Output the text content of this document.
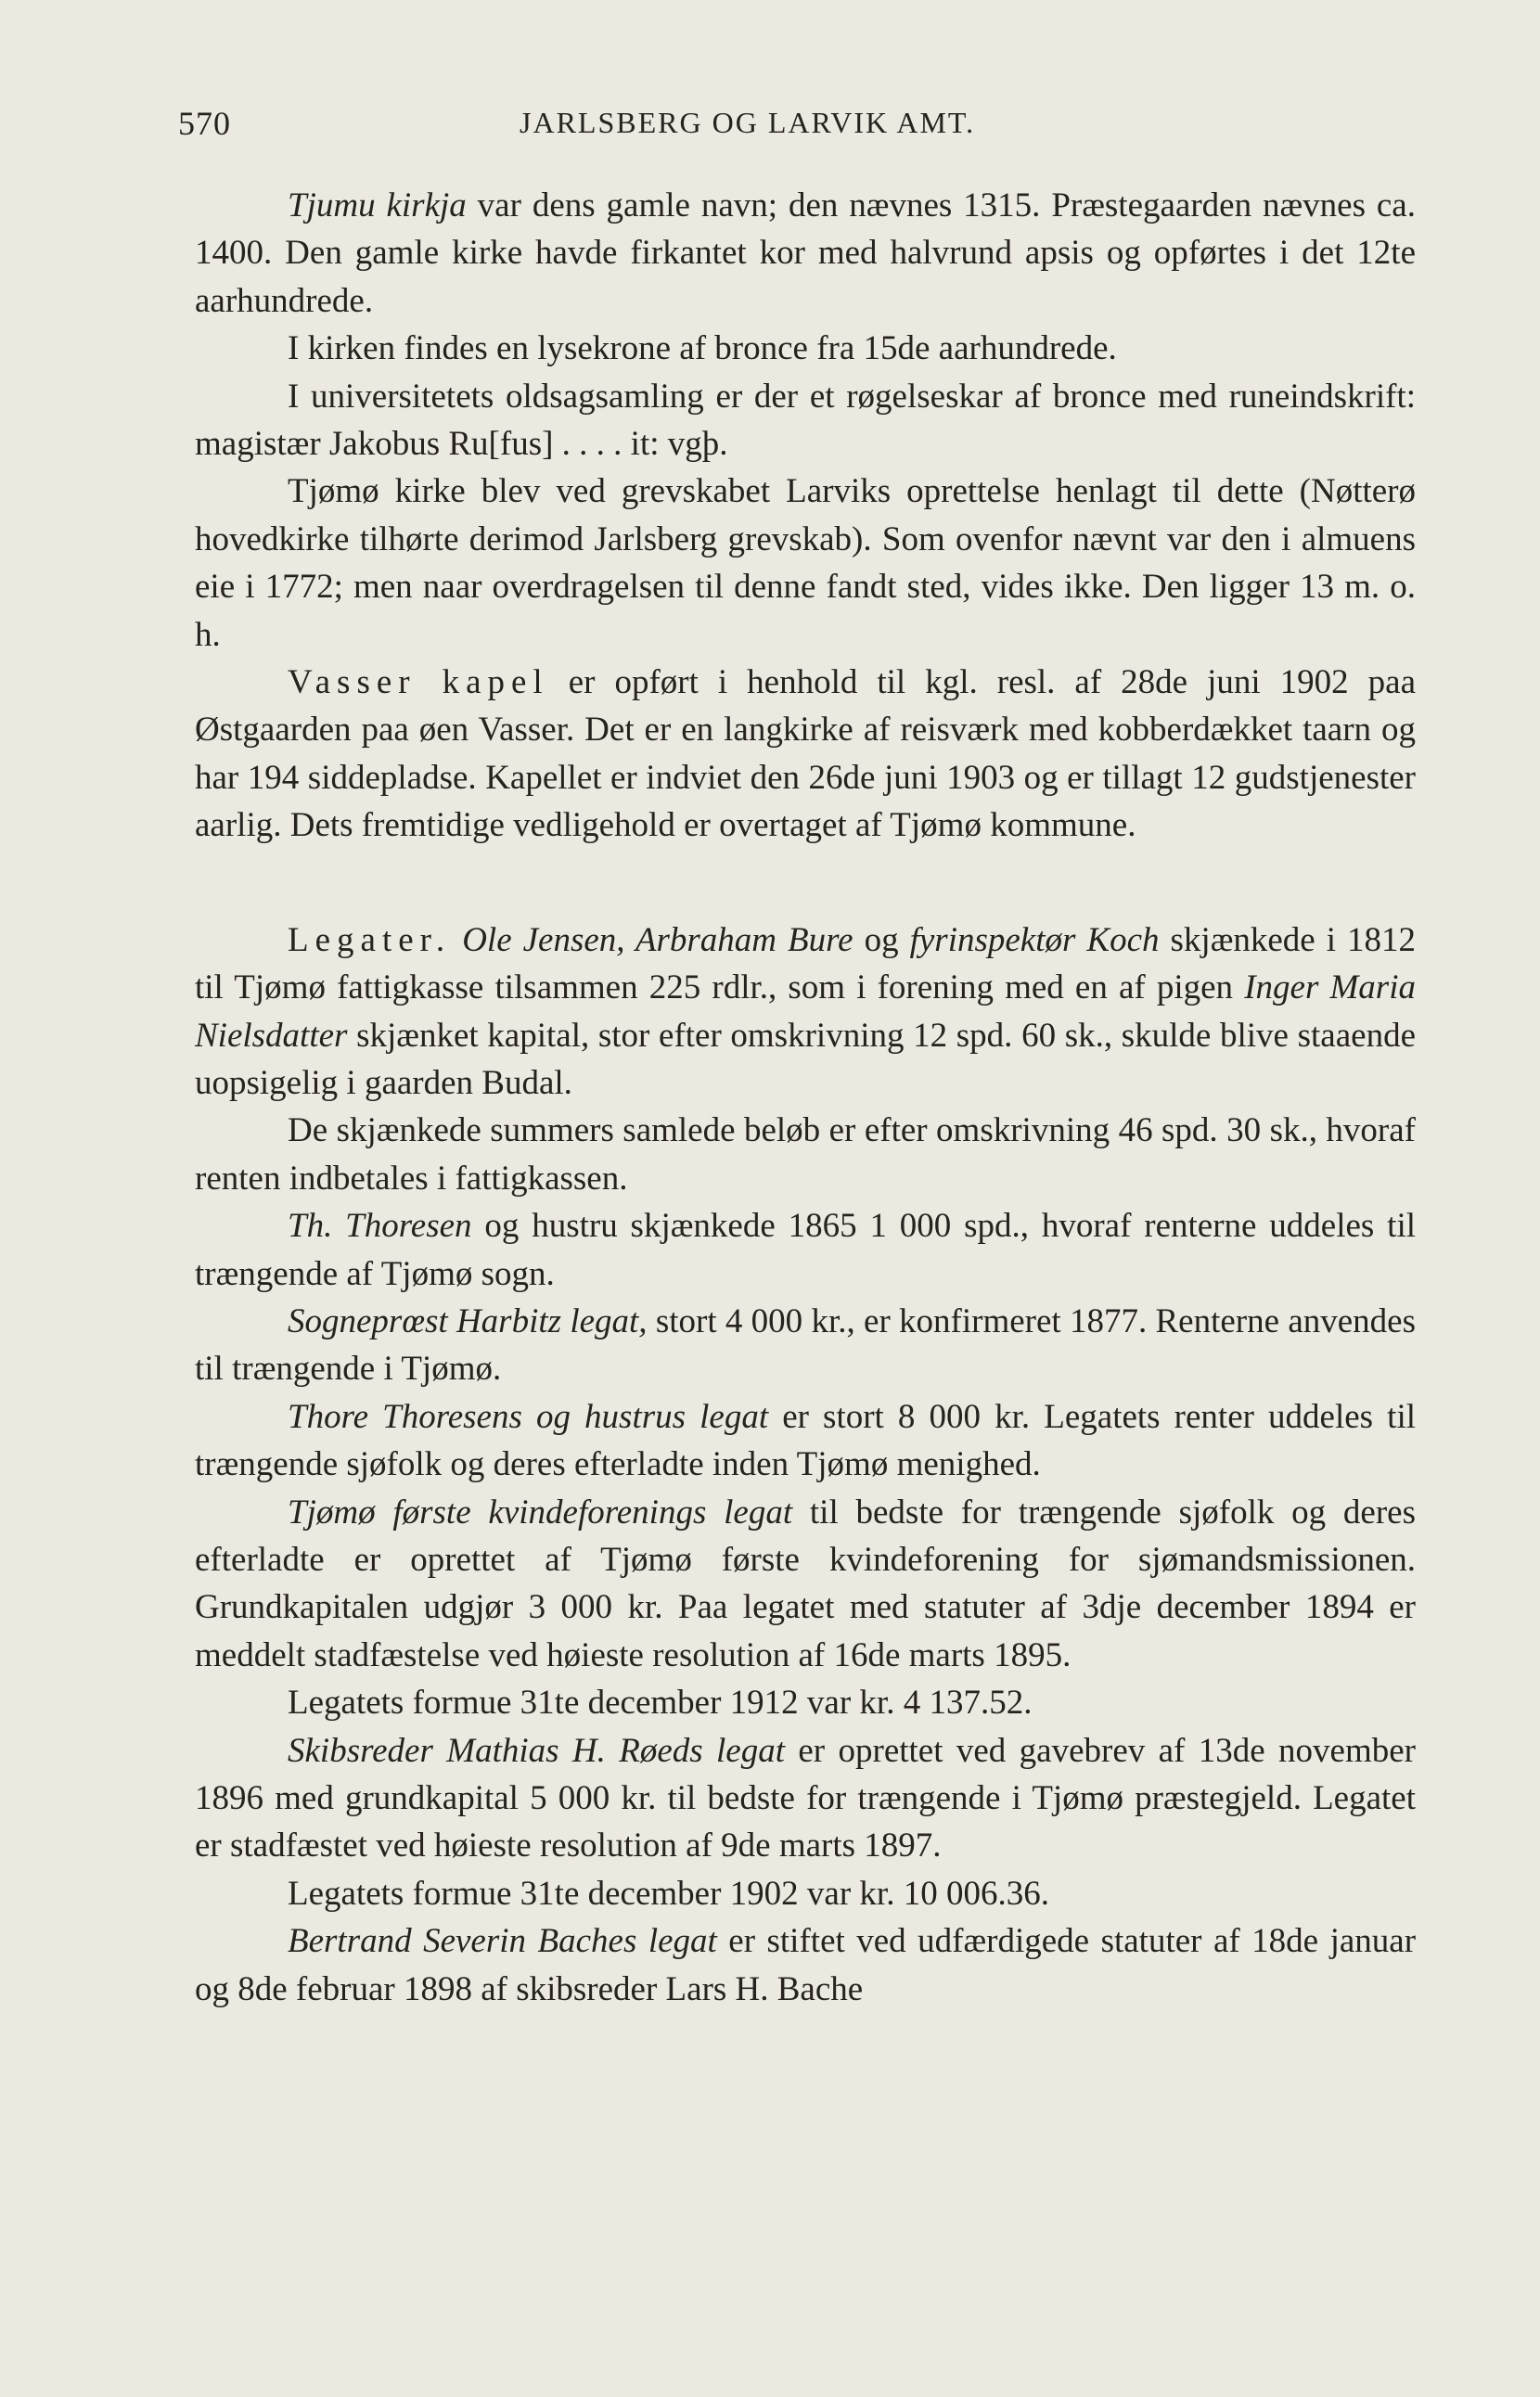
570	JARLSBERG OG LARVIK AMT.

Tjumu kirkja var dens gamle navn; den nævnes 1315. Præstegaarden nævnes ca. 1400. Den gamle kirke havde firkantet kor med halvrund apsis og opførtes i det 12te aarhundrede.

I kirken findes en lysekrone af bronce fra 15de aarhundrede.

I universitetets oldsagsamling er der et røgelseskar af bronce med runeindskrift: magistær Jakobus Ru[fus] . . . . it: vgþ.

Tjømø kirke blev ved grevskabet Larviks oprettelse henlagt til dette (Nøtterø hovedkirke tilhørte derimod Jarlsberg grevskab). Som ovenfor nævnt var den i almuens eie i 1772; men naar overdragelsen til denne fandt sted, vides ikke. Den ligger 13 m. o. h.

Vasser kapel er opført i henhold til kgl. resl. af 28de juni 1902 paa Østgaarden paa øen Vasser. Det er en langkirke af reisværk med kobberdækket taarn og har 194 siddepladse. Kapellet er indviet den 26de juni 1903 og er tillagt 12 gudstjenester aarlig. Dets fremtidige vedligehold er overtaget af Tjømø kommune.

Legater. Ole Jensen, Arbraham Bure og fyrinspektør Koch skjænkede i 1812 til Tjømø fattigkasse tilsammen 225 rdlr., som i forening med en af pigen Inger Maria Nielsdatter skjænket kapital, stor efter omskrivning 12 spd. 60 sk., skulde blive staaende uopsigelig i gaarden Budal.

De skjænkede summers samlede beløb er efter omskrivning 46 spd. 30 sk., hvoraf renten indbetales i fattigkassen.

Th. Thoresen og hustru skjænkede 1865 1 000 spd., hvoraf renterne uddeles til trængende af Tjømø sogn.

Sogneprœst Harbitz legat, stort 4 000 kr., er konfirmeret 1877. Renterne anvendes til trængende i Tjømø.

Thore Thoresens og hustrus legat er stort 8 000 kr. Legatets renter uddeles til trængende sjøfolk og deres efterladte inden Tjømø menighed.

Tjømø første kvindeforenings legat til bedste for trængende sjøfolk og deres efterladte er oprettet af Tjømø første kvindeforening for sjømandsmissionen. Grundkapitalen udgjør 3 000 kr. Paa legatet med statuter af 3dje december 1894 er meddelt stadfæstelse ved høieste resolution af 16de marts 1895.

Legatets formue 31te december 1912 var kr. 4 137.52.

Skibsreder Mathias H. Røeds legat er oprettet ved gavebrev af 13de november 1896 med grundkapital 5 000 kr. til bedste for trængende i Tjømø præstegjeld. Legatet er stadfæstet ved høieste resolution af 9de marts 1897.

Legatets formue 31te december 1902 var kr. 10 006.36.

Bertrand Severin Baches legat er stiftet ved udfærdigede statuter af 18de januar og 8de februar 1898 af skibsreder Lars H. Bache
